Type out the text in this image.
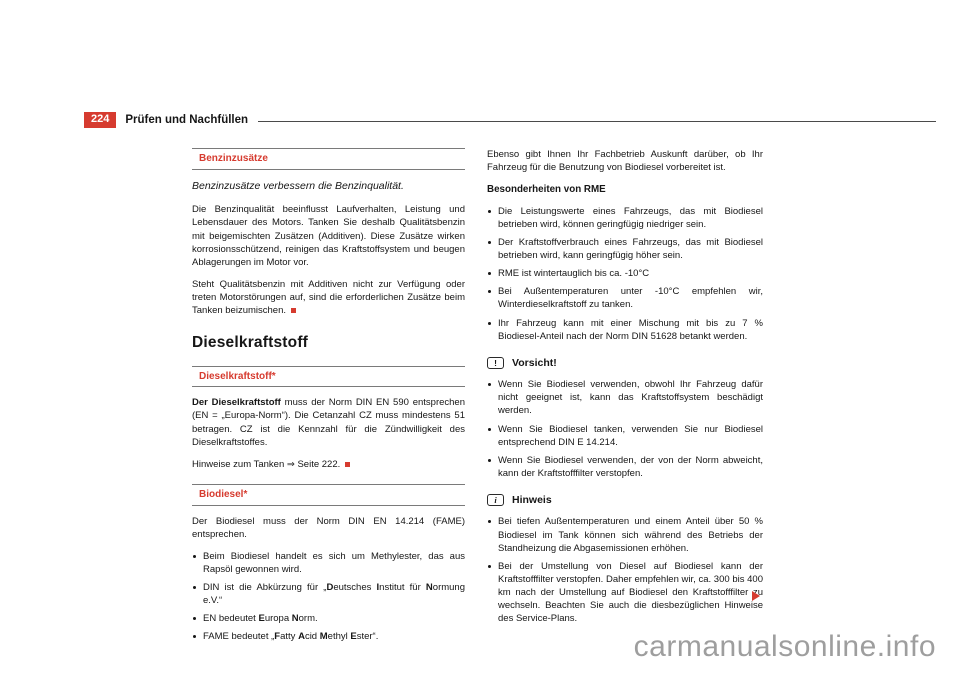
224	Prüfen und Nachfüllen
Benzinzusätze

Benzinzusätze verbessern die Benzinqualität.

Die Benzinqualität beeinflusst Laufverhalten, Leistung und Lebensdauer des Motors. Tanken Sie deshalb Qualitätsbenzin mit beigemischten Zusätzen (Additiven). Diese Zusätze wirken korrosionsschützend, reinigen das Kraftstoffsystem und beugen Ablagerungen im Motor vor.

Steht Qualitätsbenzin mit Additiven nicht zur Verfügung oder treten Motorstörungen auf, sind die erforderlichen Zusätze beim Tanken beizumischen.

Dieselkraftstoff
Dieselkraftstoff*

Der Dieselkraftstoff muss der Norm DIN EN 590 entsprechen (EN = „Europa-Norm“). Die Cetanzahl CZ muss mindestens 51 betragen. CZ ist die Kennzahl für die Zündwilligkeit des Dieselkraftstoffes.

Hinweise zum Tanken ⇒ Seite 222.

Biodiesel*

Der Biodiesel muss der Norm DIN EN 14.214 (FAME) entsprechen.

Beim Biodiesel handelt es sich um Methylester, das aus Rapsöl gewonnen wird.
DIN ist die Abkürzung für „Deutsches Institut für Normung e.V.“
EN bedeutet Europa Norm.
FAME bedeutet „Fatty Acid Methyl Ester“.

Ebenso gibt Ihnen Ihr Fachbetrieb Auskunft darüber, ob Ihr Fahrzeug für die Benutzung von Biodiesel vorbereitet ist.

Besonderheiten von RME
Die Leistungswerte eines Fahrzeugs, das mit Biodiesel betrieben wird, können geringfügig niedriger sein.
Der Kraftstoffverbrauch eines Fahrzeugs, das mit Biodiesel betrieben wird, kann geringfügig höher sein.
RME ist wintertauglich bis ca. -10°C
Bei Außentemperaturen unter -10°C empfehlen wir, Winterdieselkraftstoff zu tanken.
Ihr Fahrzeug kann mit einer Mischung mit bis zu 7 % Biodiesel-Anteil nach der Norm DIN 51628 betankt werden.
!	Vorsicht!
Wenn Sie Biodiesel verwenden, obwohl Ihr Fahrzeug dafür nicht geeignet ist, kann das Kraftstoffsystem beschädigt werden.
Wenn Sie Biodiesel tanken, verwenden Sie nur Biodiesel entsprechend DIN E 14.214.
Wenn Sie Biodiesel verwenden, der von der Norm abweicht, kann der Kraftstofffilter verstopfen.
i	Hinweis
Bei tiefen Außentemperaturen und einem Anteil über 50 % Biodiesel im Tank können sich während des Betriebs der Standheizung die Abgasemissionen erhöhen.
Bei der Umstellung von Diesel auf Biodiesel kann der Kraftstofffilter verstopfen. Daher empfehlen wir, ca. 300 bis 400 km nach der Umstellung auf Biodiesel den Kraftstofffilter zu wechseln. Beachten Sie auch die diesbezüglichen Hinweise des Service-Plans.
carmanualsonline.info
